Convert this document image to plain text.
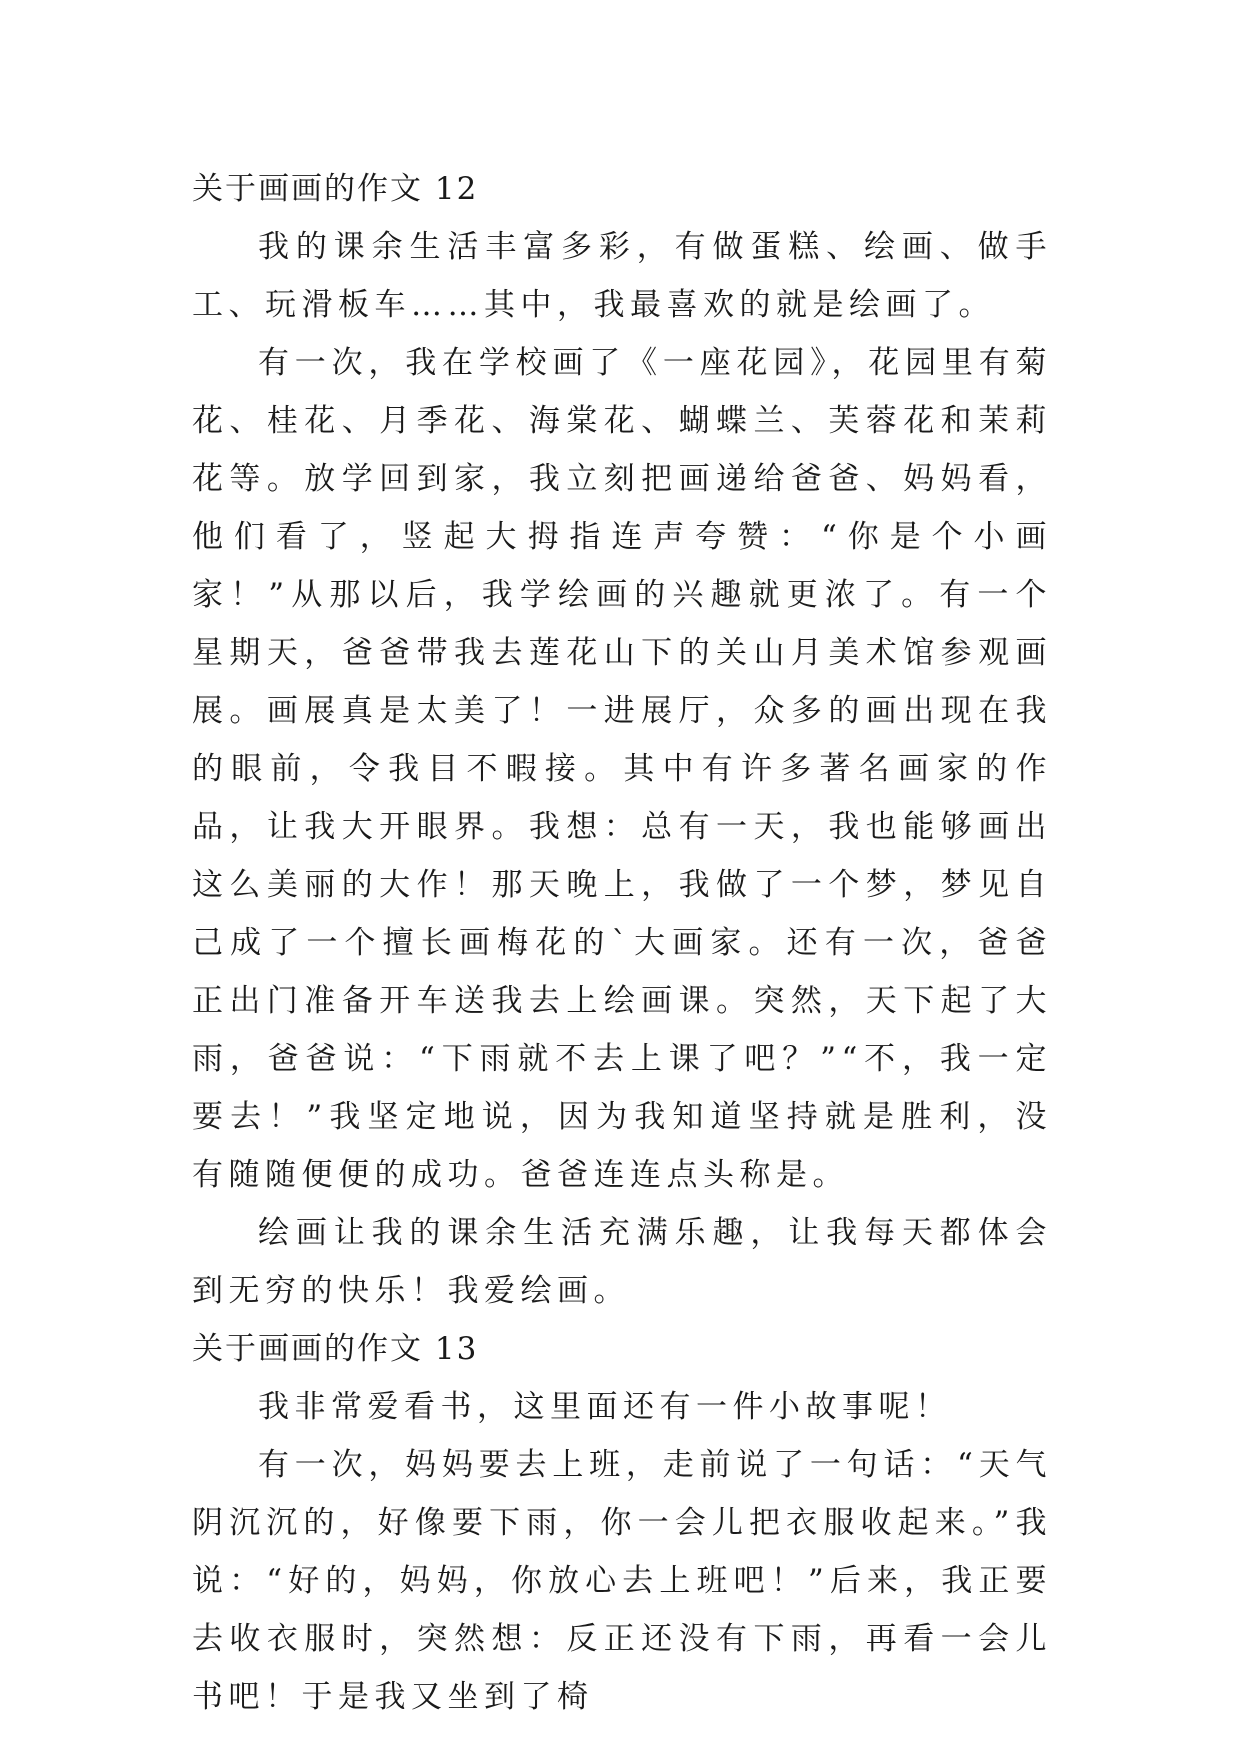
关于画画的作文 12

我的课余生活丰富多彩，有做蛋糕、绘画、做手工、玩滑板车……其中，我最喜欢的就是绘画了。

有一次，我在学校画了《一座花园》，花园里有菊花、桂花、月季花、海棠花、蝴蝶兰、芙蓉花和茉莉花等。放学回到家，我立刻把画递给爸爸、妈妈看，他们看了，竖起大拇指连声夸赞：“你是个小画家！”从那以后，我学绘画的兴趣就更浓了。有一个星期天，爸爸带我去莲花山下的关山月美术馆参观画展。画展真是太美了！一进展厅，众多的画出现在我的眼前，令我目不暇接。其中有许多著名画家的作品，让我大开眼界。我想：总有一天，我也能够画出这么美丽的大作！那天晚上，我做了一个梦，梦见自己成了一个擅长画梅花的`大画家。还有一次，爸爸正出门准备开车送我去上绘画课。突然，天下起了大雨，爸爸说：“下雨就不去上课了吧？”“不，我一定要去！”我坚定地说，因为我知道坚持就是胜利，没有随随便便的成功。爸爸连连点头称是。

绘画让我的课余生活充满乐趣，让我每天都体会到无穷的快乐！我爱绘画。

关于画画的作文 13

我非常爱看书，这里面还有一件小故事呢！

有一次，妈妈要去上班，走前说了一句话：“天气阴沉沉的，好像要下雨，你一会儿把衣服收起来。”我说：“好的，妈妈，你放心去上班吧！”后来，我正要去收衣服时，突然想：反正还没有下雨，再看一会儿书吧！于是我又坐到了椅
